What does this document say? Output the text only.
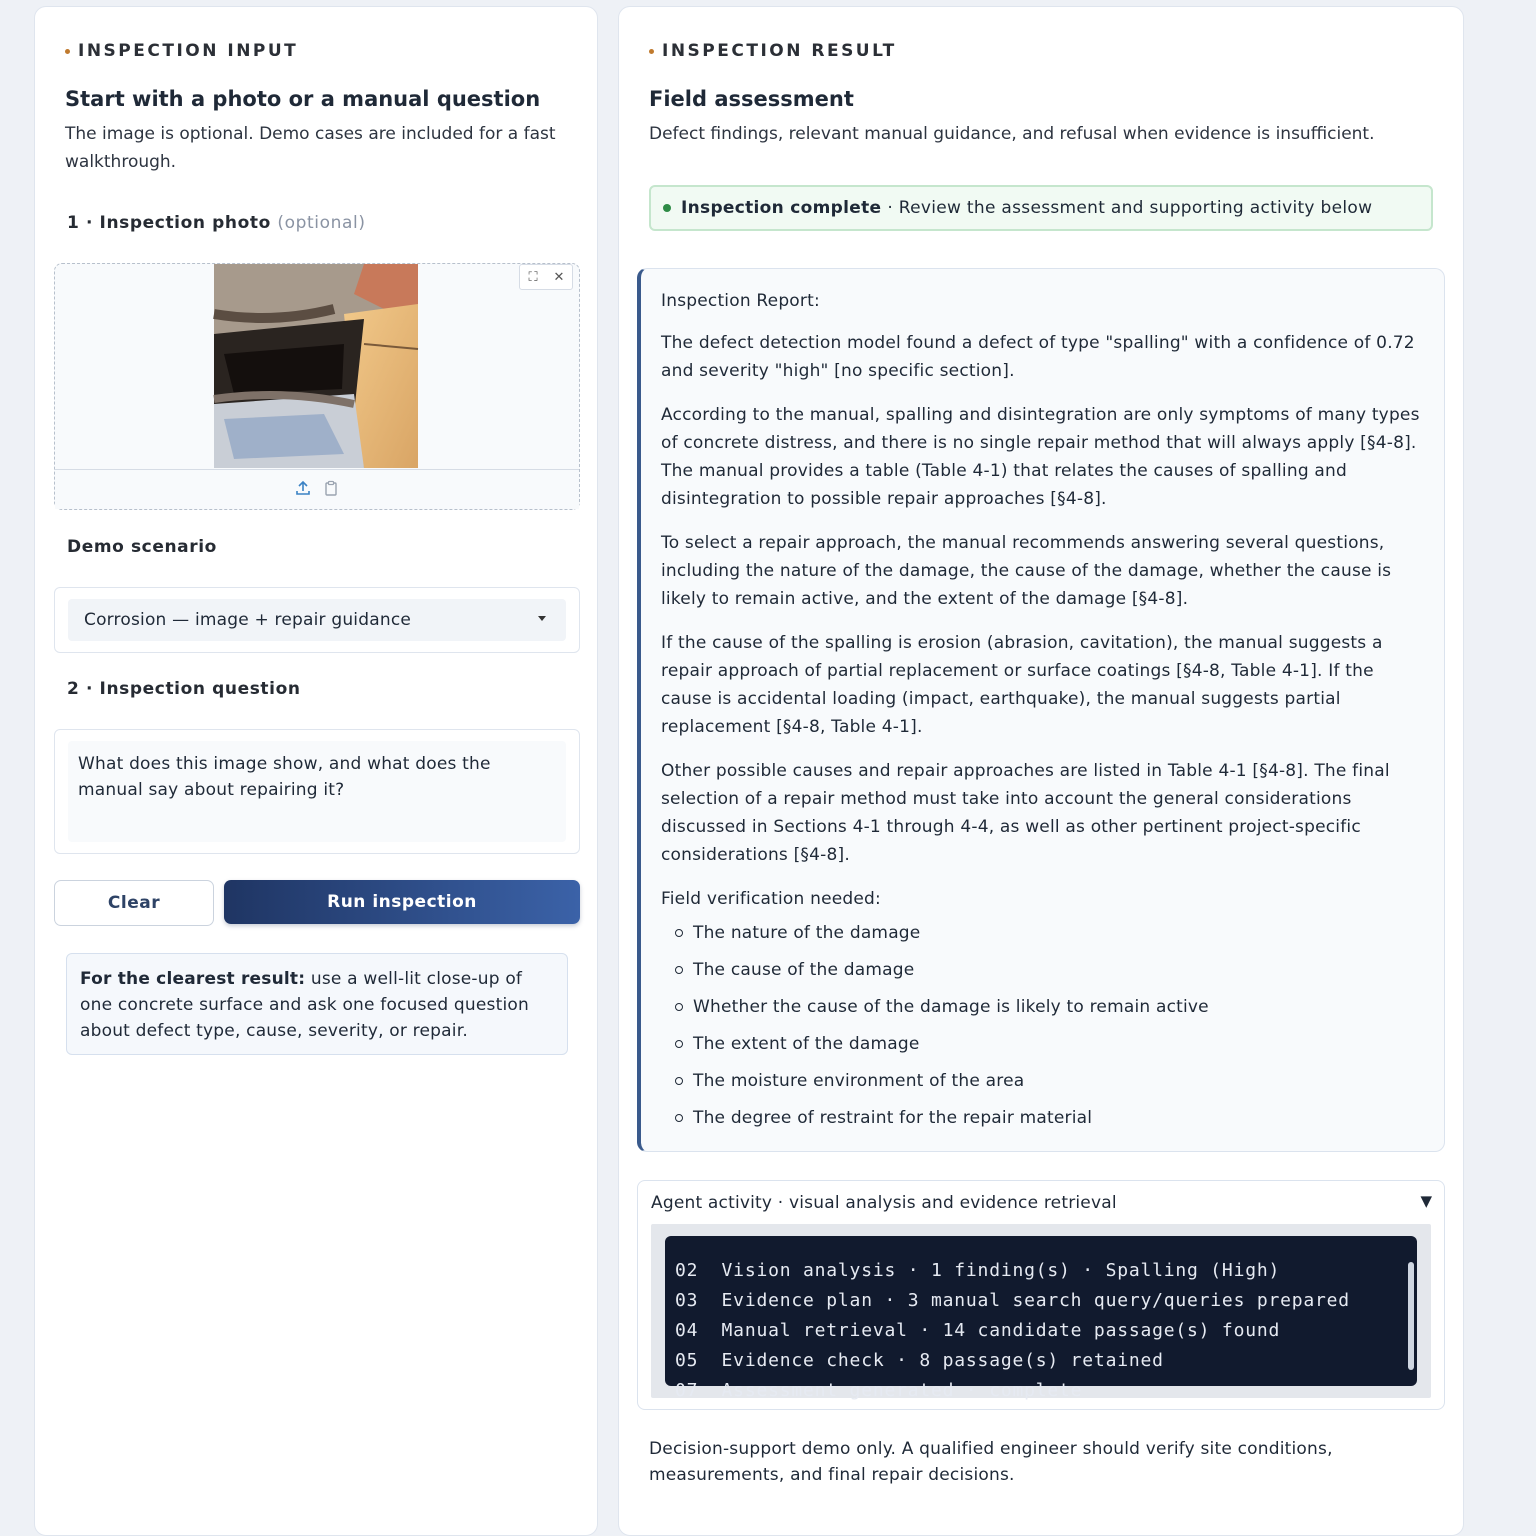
INSPECTION INPUT
Start with a photo or a manual question
The image is optional. Demo cases are included for a fast walkthrough.
1 · Inspection photo (optional)
⛶	✕
Demo scenario
Corrosion — image + repair guidance
2 · Inspection question
What does this image show, and what does the manual say about repairing it?
Clear	Run inspection
For the clearest result: use a well-lit close-up of one concrete surface and ask one focused question about defect type, cause, severity, or repair.
INSPECTION RESULT
Field assessment
Defect findings, relevant manual guidance, and refusal when evidence is insufficient.
Inspection complete · Review the assessment and supporting activity below

Inspection Report:

The defect detection model found a defect of type "spalling" with a confidence of 0.72 and severity "high" [no specific section].

According to the manual, spalling and disintegration are only symptoms of many types of concrete distress, and there is no single repair method that will always apply [§4-8]. The manual provides a table (Table 4-1) that relates the causes of spalling and disintegration to possible repair approaches [§4-8].

To select a repair approach, the manual recommends answering several questions, including the nature of the damage, the cause of the damage, whether the cause is likely to remain active, and the extent of the damage [§4-8].

If the cause of the spalling is erosion (abrasion, cavitation), the manual suggests a repair approach of partial replacement or surface coatings [§4-8, Table 4-1]. If the cause is accidental loading (impact, earthquake), the manual suggests partial replacement [§4-8, Table 4-1].

Other possible causes and repair approaches are listed in Table 4-1 [§4-8]. The final selection of a repair method must take into account the general considerations discussed in Sections 4-1 through 4-4, as well as other pertinent project-specific considerations [§4-8].

Field verification needed:

The nature of the damage
The cause of the damage
Whether the cause of the damage is likely to remain active
The extent of the damage
The moisture environment of the area
The degree of restraint for the repair material
Agent activity · visual analysis and evidence retrieval	▼

02  Vision analysis · 1 finding(s) · Spalling (High)
03  Evidence plan · 3 manual search query/queries prepared
04  Manual retrieval · 14 candidate passage(s) found
05  Evidence check · 8 passage(s) retained
07  Assessment generated · complete
Decision-support demo only. A qualified engineer should verify site conditions, measurements, and final repair decisions.
